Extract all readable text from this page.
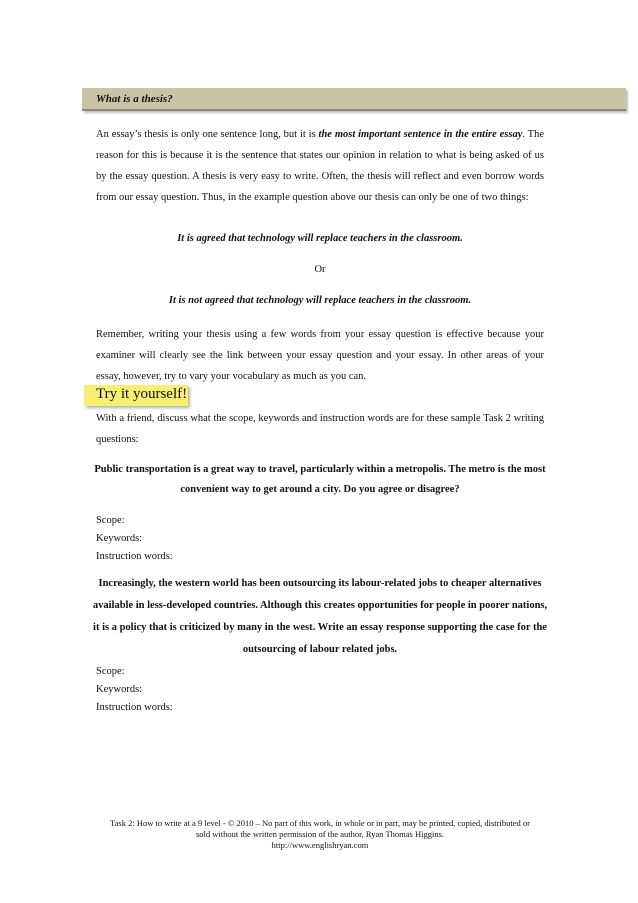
What is a thesis?
An essay’s thesis is only one sentence long, but it is the most important sentence in the entire essay. The reason for this is because it is the sentence that states our opinion in relation to what is being asked of us by the essay question. A thesis is very easy to write. Often, the thesis will reflect and even borrow words from our essay question. Thus, in the example question above our thesis can only be one of two things:
It is agreed that technology will replace teachers in the classroom.
Or
It is not agreed that technology will replace teachers in the classroom.
Remember, writing your thesis using a few words from your essay question is effective because your examiner will clearly see the link between your essay question and your essay. In other areas of your essay, however, try to vary your vocabulary as much as you can.
Try it yourself!
With a friend, discuss what the scope, keywords and instruction words are for these sample Task 2 writing questions:
Public transportation is a great way to travel, particularly within a metropolis. The metro is the most convenient way to get around a city. Do you agree or disagree?
Scope:
Keywords:
Instruction words:
Increasingly, the western world has been outsourcing its labour-related jobs to cheaper alternatives available in less-developed countries. Although this creates opportunities for people in poorer nations, it is a policy that is criticized by many in the west. Write an essay response supporting the case for the outsourcing of labour related jobs.
Scope:
Keywords:
Instruction words:
Task 2: How to write at a 9 level - © 2010 – No part of this work, in whole or in part, may be printed, copied, distributed or sold without the written permission of the author, Ryan Thomas Higgins.
http://www.englishryan.com
